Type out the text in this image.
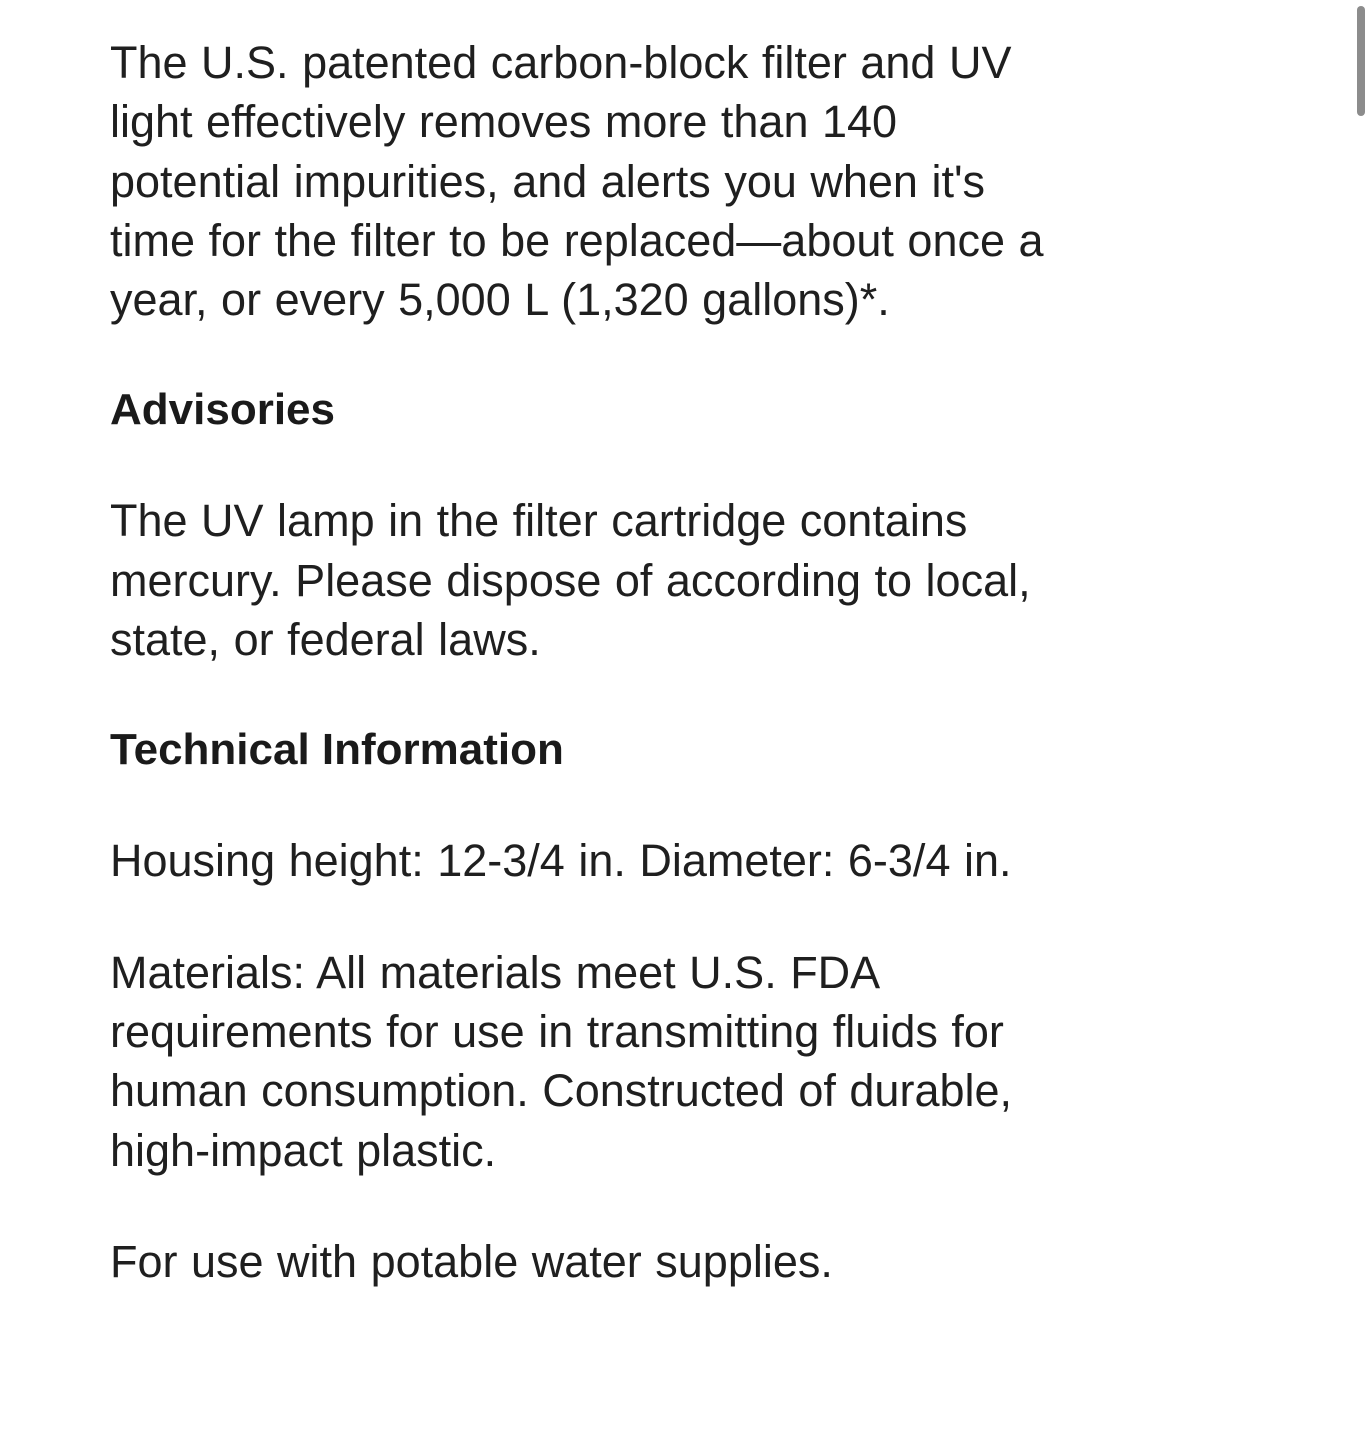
The U.S. patented carbon-block filter and UV light effectively removes more than 140 potential impurities, and alerts you when it's time for the filter to be replaced—about once a year, or every 5,000 L (1,320 gallons)*.

Advisories

The UV lamp in the filter cartridge contains mercury. Please dispose of according to local, state, or federal laws.

Technical Information

Housing height: 12-3/4 in. Diameter: 6-3/4 in.

Materials: All materials meet U.S. FDA requirements for use in transmitting fluids for human consumption. Constructed of durable, high-impact plastic.

For use with potable water supplies.
